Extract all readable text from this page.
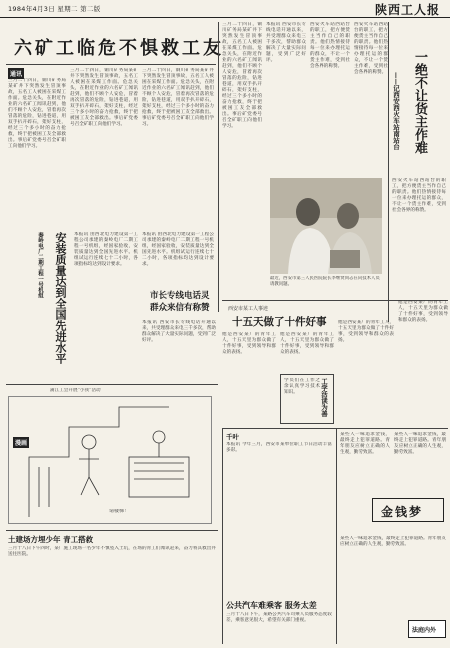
1984年4月3日 星期二 第二版	陕西工人报
六矿工临危不惧救工友
通讯
三月二十四日，铜川矿务局某矿井下突然发生冒顶事故，五名工人被困在采煤工作面。危急关头，在附近作业的六名矿工闻讯赶到，他们不顾个人安危，冒着再次冒落的危险，钻进巷道，用双手扒开碎石，架好支柱，经过三个多小时的奋力抢救，终于把被困工友全部救出。事后矿党委号召全矿职工向他们学习。
三月二十四日，铜川矿务局某矿井下突然发生冒顶事故，五名工人被困在采煤工作面。危急关头，在附近作业的六名矿工闻讯赶到，他们不顾个人安危，冒着再次冒落的危险，钻进巷道，用双手扒开碎石，架好支柱，经过三个多小时的奋力抢救，终于把被困工友全部救出。事后矿党委号召全矿职工向他们学习。
三月二十四日，铜川矿务局某矿井下突然发生冒顶事故，五名工人被困在采煤工作面。危急关头，在附近作业的六名矿工闻讯赶到，他们不顾个人安危，冒着再次冒落的危险，钻进巷道，用双手扒开碎石，架好支柱，经过三个多小时的奋力抢救，终于把被困工友全部救出。事后矿党委号召全矿职工向他们学习。
安装质量达到全国先进水平
秦岭电厂二期工程一号机组	本报讯 由西北电力建设第一工程公司承建的秦岭电厂二期工程一号机组，经国家验收，安装质量达到全国先进水平。机组试运行连续七十二小时，各项指标均达到设计要求。
本报讯 由西北电力建设第一工程公司承建的秦岭电厂二期工程一号机组，经国家验收，安装质量达到全国先进水平。机组试运行连续七十二小时，各项指标均达到设计要求。
市长专线电话灵群众来信有称赞
本报讯 西安市长专线电话开通以来，共受理群众来电三千多次，帮助群众解决了大量实际问题，受到广泛好评。
三月二十四日，铜川矿务局某矿井下突然发生冒顶事故，五名工人被困在采煤工作面。危急关头，在附近作业的六名矿工闻讯赶到，他们不顾个人安危，冒着再次冒落的危险，钻进巷道，用双手扒开碎石，架好支柱，经过三个多小时的奋力抢救，终于把被困工友全部救出。事后矿党委号召全矿职工向他们学习。
本报讯 西安市长专线电话开通以来，共受理群众来电三千多次，帮助群众解决了大量实际问题，受到广泛好评。
西安火车站西站台的职工，把方便货主当作自己的职责。他们热情接待每一位来办理托运的群众，不让一个货主作难，受到社会各界的称赞。	一绝不让货主作难
——记西安西火车站南站台
西安火车站西站台的职工，把方便货主当作自己的职责。他们热情接待每一位来办理托运的群众，不让一个货主作难，受到社会各界的称赞。
最近，西安市第三人民医院院长李继贤同志在向技术人员请教问题。
西安火车站西站台的职工，把方便货主当作自己的职责。他们热情接待每一位来办理托运的群众，不让一个货主作难，受到社会各界的称赞。
西安市某工人事迹
十五天做了十件好事
他是西安某厂的青年工人，十五天里为群众做了十件好事，受到领导和群众的表扬。
他是西安某厂的青年工人，十五天里为群众做了十件好事，受到领导和群众的表扬。
他是西安某厂的青年工人，十五天里为群众做了十件好事，受到领导和群众的表扬。
他是西安某厂的青年工人，十五天里为群众做了十件好事，受到领导和群众的表扬。
工学活读为善
学员们在工作之余认真学习技术知识。
蒲江工会开展“小我”活动
漫画
请楼梯！
土建场方埋少年 青工搭救
三月十八日下午四时，某厂施工现场一名少年不慎坠入土坑，在场的青工们闻讯赶来，奋力将其救出并送往医院。
千叶
本报讯 今年三月，西安市某单位职工节日活动丰富多彩。
公共汽车难乘客 服务太差
三月十八日下午，某路公共汽车司乘人员服务态度较差，乘客意见很大，希望有关部门重视。
某些人一味追求金钱，最终走上犯罪道路。青年朋友应树立正确的人生观，勤劳致富。
某些人一味追求金钱，最终走上犯罪道路。青年朋友应树立正确的人生观，勤劳致富。
金钱梦
某些人一味追求金钱，最终走上犯罪道路。青年朋友应树立正确的人生观，勤劳致富。
法庭内外
